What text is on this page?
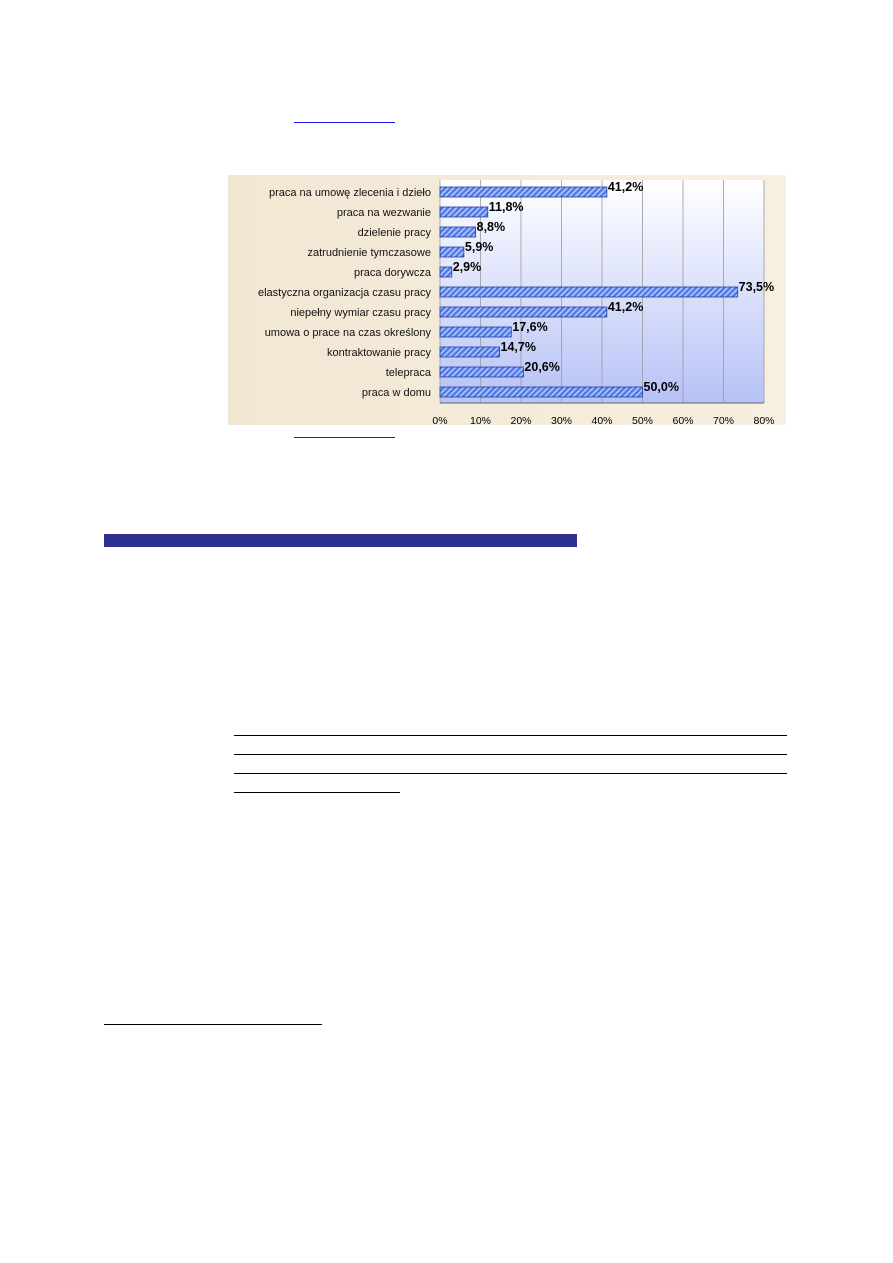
praca na umowę zlecenia i dzieło
praca na wezwanie
dzielenie pracy
zatrudnienie tymczasowe
praca dorywcza
elastyczna organizacja czasu pracy
niepełny wymiar czasu pracy
umowa o prace na czas określony
kontraktowanie pracy
telepraca
praca w domu
41,2%
11,8%
8,8%
5,9%
2,9%
73,5%
41,2%
17,6%
14,7%
20,6%
50,0%
0% 10% 20% 30% 40% 50% 60% 70% 80%
